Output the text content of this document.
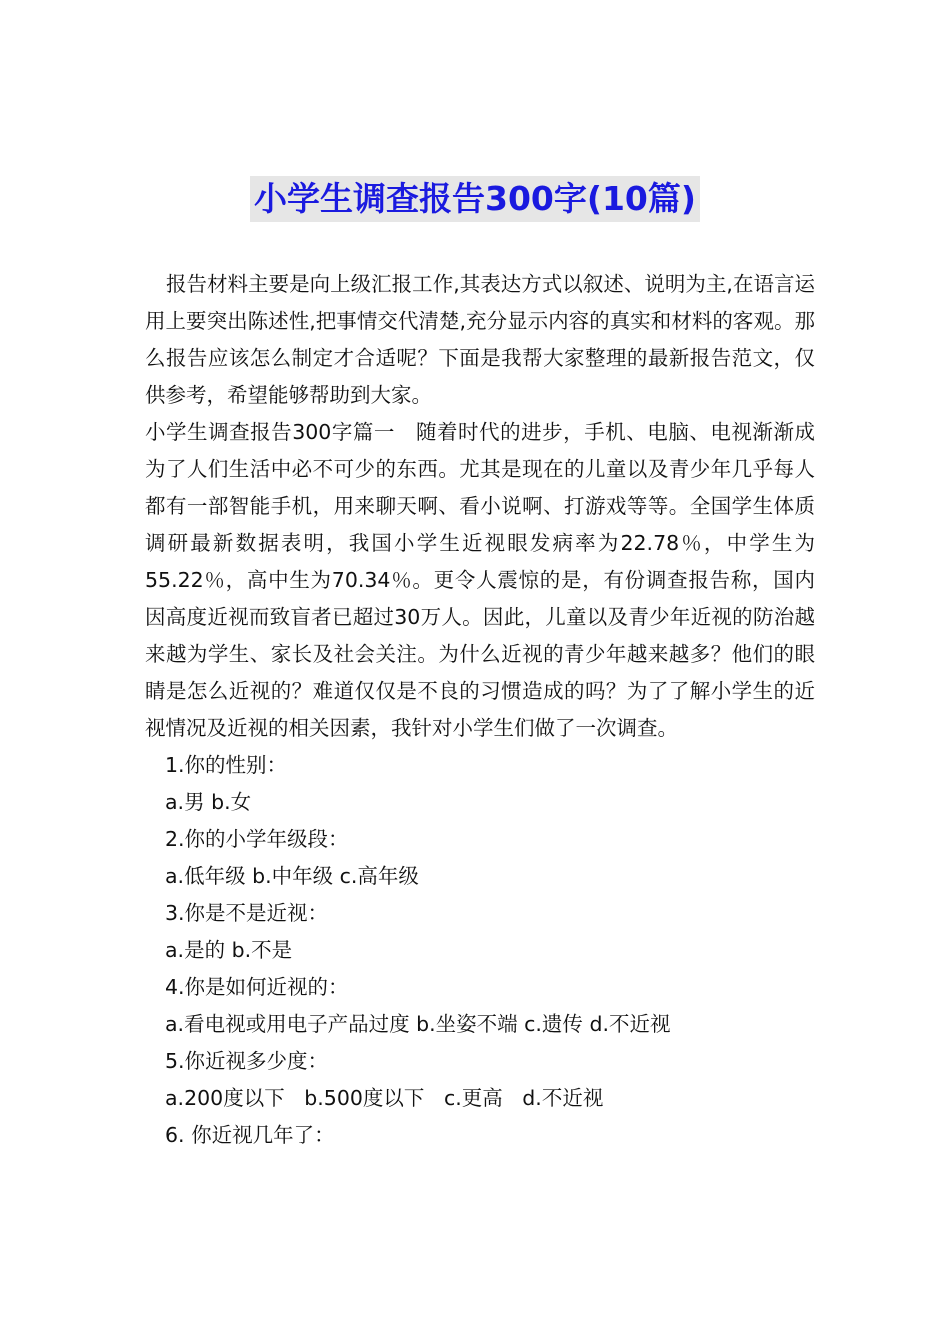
小学生调查报告300字(10篇)

报告材料主要是向上级汇报工作,其表达方式以叙述、说明为主,在语言运用上要突出陈述性,把事情交代清楚,充分显示内容的真实和材料的客观。那么报告应该怎么制定才合适呢？下面是我帮大家整理的最新报告范文，仅供参考，希望能够帮助到大家。

小学生调查报告300字篇一　随着时代的进步，手机、电脑、电视渐渐成为了人们生活中必不可少的东西。尤其是现在的儿童以及青少年几乎每人都有一部智能手机，用来聊天啊、看小说啊、打游戏等等。全国学生体质调研最新数据表明，我国小学生近视眼发病率为22.78％，中学生为55.22％，高中生为70.34％。更令人震惊的是，有份调查报告称，国内因高度近视而致盲者已超过30万人。因此，儿童以及青少年近视的防治越来越为学生、家长及社会关注。为什么近视的青少年越来越多？他们的眼睛是怎么近视的？难道仅仅是不良的习惯造成的吗？为了了解小学生的近视情况及近视的相关因素，我针对小学生们做了一次调查。

1.你的性别：

a.男 b.女

2.你的小学年级段：

a.低年级 b.中年级 c.高年级

3.你是不是近视：

a.是的 b.不是

4.你是如何近视的：

a.看电视或用电子产品过度 b.坐姿不端 c.遗传 d.不近视

5.你近视多少度：

a.200度以下   b.500度以下   c.更高   d.不近视

6. 你近视几年了：
